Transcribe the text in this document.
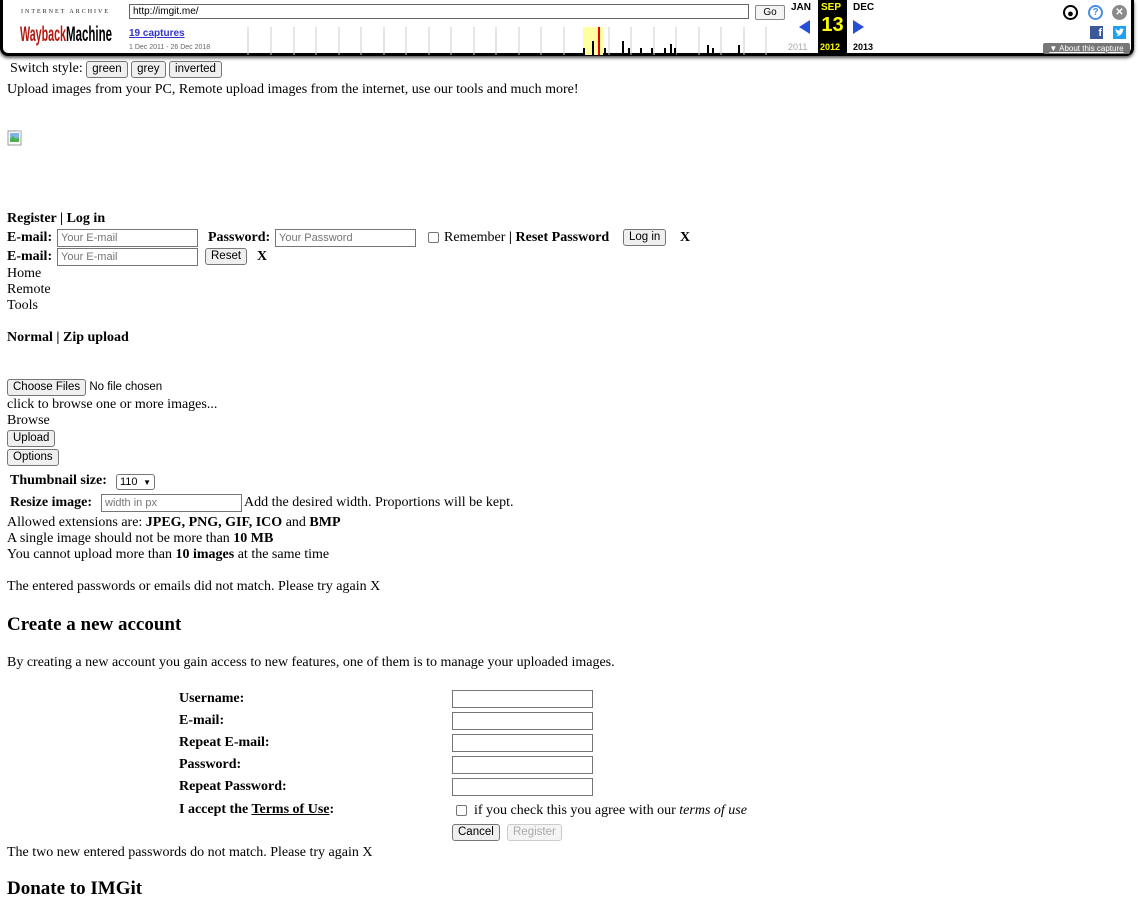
INTERNET ARCHIVE
Wayback Machine
http://imgit.me/
Go
19 captures
1 Dec 2011 - 26 Dec 2018
JAN
2011
SEP
13
2012
DEC
2013
●	?	✕
f
▼ About this capture
Switch style: green grey inverted
Upload images from your PC, Remote upload images from the internet, use our tools and much more!
Register | Log in
E-mail:
Your E-mail	Password:
Your Password	Remember | Reset Password	Log in	X
E-mail:
Your E-mail	Reset	X
Home
Remote
Tools
Normal | Zip upload
Choose Files No file chosen
click to browse one or more images...
Browse
Upload
Options
Thumbnail size:	110 ▼
Resize image:
width in px	Add the desired width. Proportions will be kept.
Allowed extensions are: JPEG, PNG, GIF, ICO and BMP
A single image should not be more than 10 MB
You cannot upload more than 10 images at the same time
The entered passwords or emails did not match. Please try again X
Create a new account
By creating a new account you gain access to new features, one of them is to manage your uploaded images.
Username:
E-mail:
Repeat E-mail:
Password:
Repeat Password:
I accept the Terms of Use:	if you check this you agree with our terms of use
Cancel	Register
The two new entered passwords do not match. Please try again X
Donate to IMGit
